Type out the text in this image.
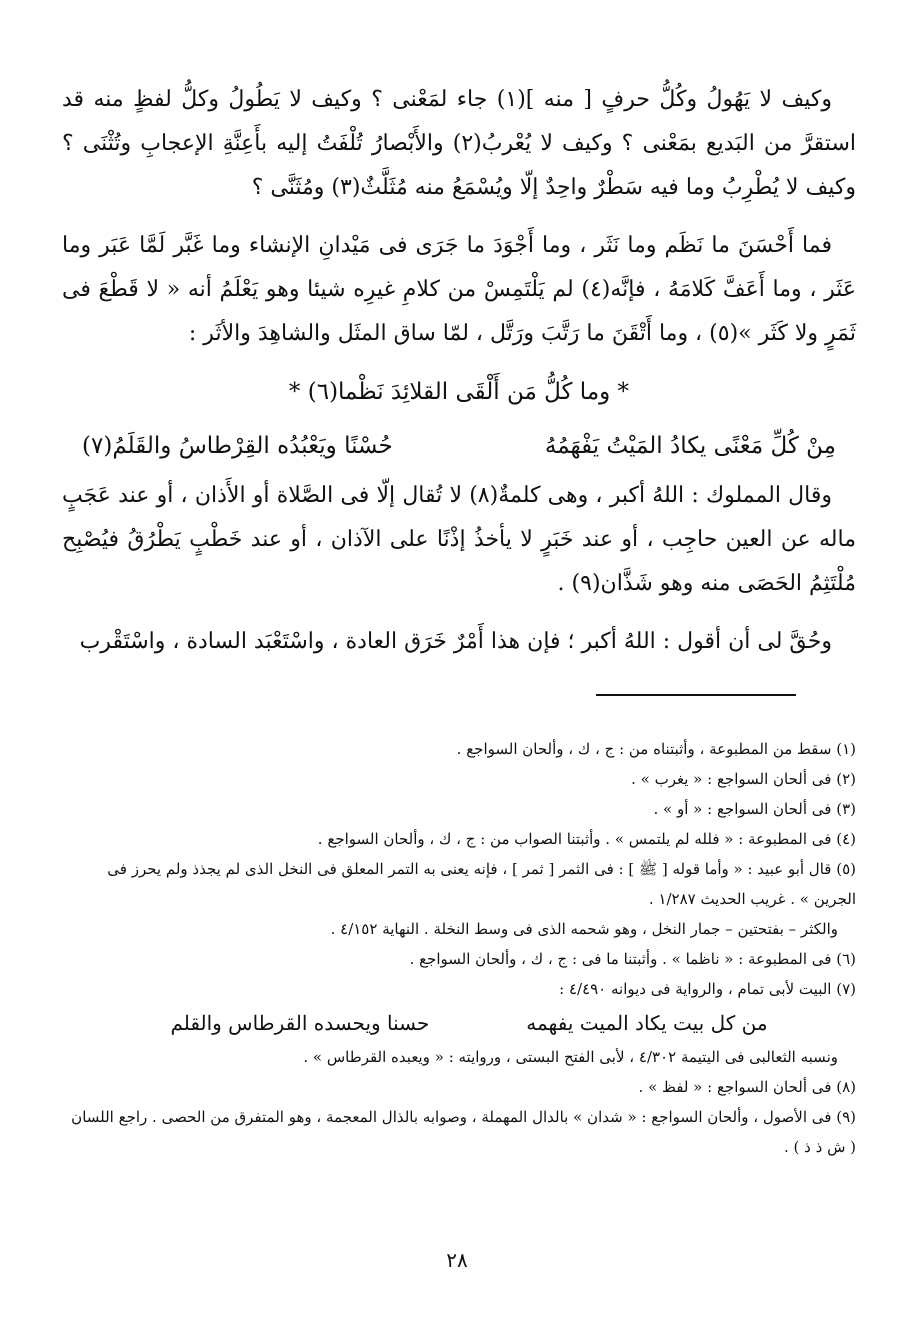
وكيف لا يَهُولُ وكُلُّ حرفٍ [ منه ](١) جاء لمَعْنى ؟ وكيف لا يَطُولُ وكلُّ لفظٍ منه قد استقرَّ من البَديع بمَعْنى ؟ وكيف لا يُعْربُ(٢) والأَبْصارُ تُلْفَتُ إليه بأَعِنَّةِ الإعجابِ وتُثْنَى ؟ وكيف لا يُطْرِبُ وما فيه سَطْرٌ واحِدٌ إلّا ويُسْمَعُ منه مُثَلَّثٌ(٣) ومُثَنَّى ؟

فما أَحْسَنَ ما نَظَم وما نَثَر ، وما أَجْوَدَ ما جَرَى فى مَيْدانِ الإنشاء وما غَبَّر لَمَّا عَبَر وما عَثَر ، وما أَعَفَّ كَلامَهُ ، فإنَّه(٤) لم يَلْتَمِسْ من كلامِ غيرِه شيئا وهو يَعْلَمُ أنه « لا قَطْعَ فى ثَمَرٍ ولا كَثَر »(٥) ، وما أَتْقَنَ ما رَتَّبَ ورَتَّل ، لمّا ساق المثَل والشاهِدَ والأثَر :

* وما كُلُّ مَن أَلْقَى القلائِدَ نَظْما(٦) *
مِنْ كُلِّ مَعْنًى يكادُ المَيْتُ يَفْهَمُهُ
حُسْنًا ويَعْبُدُه القِرْطاسُ والقَلَمُ(٧)

وقال المملوك : اللهُ أكبر ، وهى كلمةٌ(٨) لا تُقال إلّا فى الصَّلاة أو الأَذان ، أو عند عَجَبٍ ماله عن العين حاجِب ، أو عند خَبَرٍ لا يأخذُ إذْنًا على الآذان ، أو عند خَطْبٍ يَطْرُقُ فيُصْبِح مُلْتَثِمُ الحَصَى منه وهو شَذَّان(٩) .

وحُقَّ لى أن أقول : اللهُ أكبر ؛ فإن هذا أَمْرٌ خَرَق العادة ، واسْتَعْبَد السادة ، واسْتَقْرب

(١) سقط من المطبوعة ، وأثبتناه من : ج ، ك ، وألحان السواجع .

(٢) فى ألحان السواجع : « يغرب » .

(٣) فى ألحان السواجع : « أو » .

(٤) فى المطبوعة : « فلله لم يلتمس » . وأثبتنا الصواب من : ج ، ك ، وألحان السواجع .

(٥) قال أبو عبيد : « وأما قوله [ ﷺ ] : فى الثمر [ ثمر ] ، فإنه يعنى به التمر المعلق فى النخل الذى لم يجذذ ولم يحرز فى الجرين » . غريب الحديث ١/٢٨٧ .

والكثر – بفتحتين – جمار النخل ، وهو شحمه الذى فى وسط النخلة . النهاية ٤/١٥٢ .

(٦) فى المطبوعة : « ناظما » . وأثبتنا ما فى : ج ، ك ، وألحان السواجع .

(٧) البيت لأبى تمام ، والرواية فى ديوانه ٤/٤٩٠ :

من كل بيت يكاد الميت يفهمه
حسنا ويحسده القرطاس والقلم

ونسبه الثعالبى فى اليتيمة ٤/٣٠٢ ، لأبى الفتح البستى ، وروايته : « ويعبده القرطاس » .

(٨) فى ألحان السواجع : « لفظ » .

(٩) فى الأصول ، وألحان السواجع : « شدان » بالدال المهملة ، وصوابه بالذال المعجمة ، وهو المتفرق من الحصى . راجع اللسان ( ش ذ ذ ) .

٢٨
